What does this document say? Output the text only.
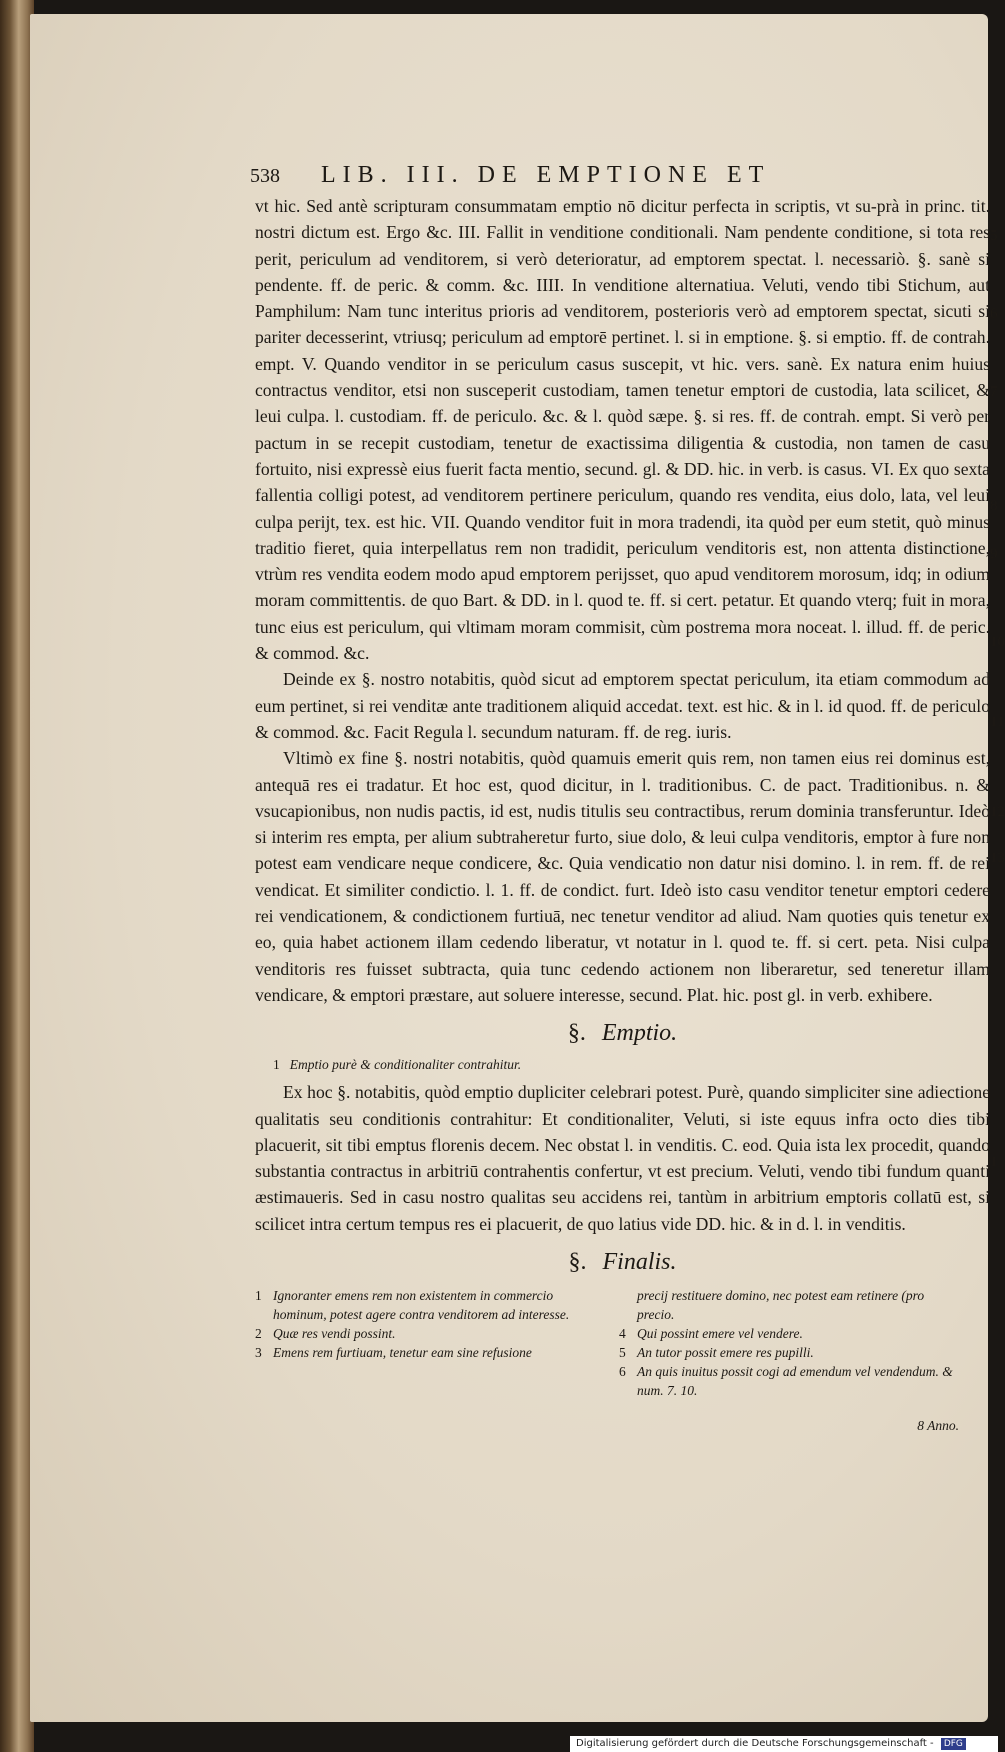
538 LIB. III. DE EMPTIONE ET

vt hic. Sed antè scripturam consummatam emptio nō dicitur perfecta in scriptis, vt su-prà in princ. tit. nostri dictum est. Ergo &c. III. Fallit in venditione conditionali. Nam pendente conditione, si tota res perit, periculum ad venditorem, si verò deterioratur, ad emptorem spectat. l. necessariò. §. sanè si pendente. ff. de peric. & comm. &c. IIII. In venditione alternatiua. Veluti, vendo tibi Stichum, aut Pamphilum: Nam tunc interitus prioris ad venditorem, posterioris verò ad emptorem spectat, sicuti si pariter decesserint, vtriusq; periculum ad emptorē pertinet. l. si in emptione. §. si emptio. ff. de contrah. empt. V. Quando venditor in se periculum casus suscepit, vt hic. vers. sanè. Ex natura enim huius contractus venditor, etsi non susceperit custodiam, tamen tenetur emptori de custodia, lata scilicet, & leui culpa. l. custodiam. ff. de periculo. &c. & l. quòd sæpe. §. si res. ff. de contrah. empt. Si verò per pactum in se recepit custodiam, tenetur de exactissima diligentia & custodia, non tamen de casu fortuito, nisi expressè eius fuerit facta mentio, secund. gl. & DD. hic. in verb. is casus. VI. Ex quo sexta fallentia colligi potest, ad venditorem pertinere periculum, quando res vendita, eius dolo, lata, vel leui culpa perijt, tex. est hic. VII. Quando venditor fuit in mora tradendi, ita quòd per eum stetit, quò minus traditio fieret, quia interpellatus rem non tradidit, periculum venditoris est, non attenta distinctione, vtrùm res vendita eodem modo apud emptorem perijsset, quo apud venditorem morosum, idq; in odium moram committentis. de quo Bart. & DD. in l. quod te. ff. si cert. petatur. Et quando vterq; fuit in mora, tunc eius est periculum, qui vltimam moram commisit, cùm postrema mora noceat. l. illud. ff. de peric. & commod. &c.

Deinde ex §. nostro notabitis, quòd sicut ad emptorem spectat periculum, ita etiam commodum ad eum pertinet, si rei venditæ ante traditionem aliquid accedat. text. est hic. & in l. id quod. ff. de periculo & commod. &c. Facit Regula l. secundum naturam. ff. de reg. iuris.

Vltimò ex fine §. nostri notabitis, quòd quamuis emerit quis rem, non tamen eius rei dominus est, antequā res ei tradatur. Et hoc est, quod dicitur, in l. traditionibus. C. de pact. Traditionibus. n. & vsucapionibus, non nudis pactis, id est, nudis titulis seu contractibus, rerum dominia transferuntur. Ideò si interim res empta, per alium subtraheretur furto, siue dolo, & leui culpa venditoris, emptor à fure non potest eam vendicare neque condicere, &c. Quia vendicatio non datur nisi domino. l. in rem. ff. de rei vendicat. Et similiter condictio. l. 1. ff. de condict. furt. Ideò isto casu venditor tenetur emptori cedere rei vendicationem, & condictionem furtiuā, nec tenetur venditor ad aliud. Nam quoties quis tenetur ex eo, quia habet actionem illam cedendo liberatur, vt notatur in l. quod te. ff. si cert. peta. Nisi culpa venditoris res fuisset subtracta, quia tunc cedendo actionem non liberaretur, sed teneretur illam vendicare, & emptori præstare, aut soluere interesse, secund. Plat. hic. post gl. in verb. exhibere.

§. Emptio.
1 Emptio purè & conditionaliter contrahitur.

Ex hoc §. notabitis, quòd emptio dupliciter celebrari potest. Purè, quando simpliciter sine adiectione qualitatis seu conditionis contrahitur: Et conditionaliter, Veluti, si iste equus infra octo dies tibi placuerit, sit tibi emptus florenis decem. Nec obstat l. in venditis. C. eod. Quia ista lex procedit, quando substantia contractus in arbitriū contrahentis confertur, vt est precium. Veluti, vendo tibi fundum quanti æstimaueris. Sed in casu nostro qualitas seu accidens rei, tantùm in arbitrium emptoris collatū est, si scilicet intra certum tempus res ei placuerit, de quo latius vide DD. hic. & in d. l. in venditis.

§. Finalis.
1 Ignoranter emens rem non existentem in commercio hominum, potest agere contra venditorem ad interesse.
2 Quæ res vendi possint.
3 Emens rem furtiuam, tenetur eam sine refusione
precij restituere domino, nec potest eam retinere (pro precio.
4 Qui possint emere vel vendere.
5 An tutor possit emere res pupilli.
6 An quis inuitus possit cogi ad emendum vel vendendum. & num. 7. 10.
8 Anno.
5
6
7
8
9
10
11
12
13
1
Digitalisierung gefördert durch die Deutsche Forschungsgemeinschaft - DFG
